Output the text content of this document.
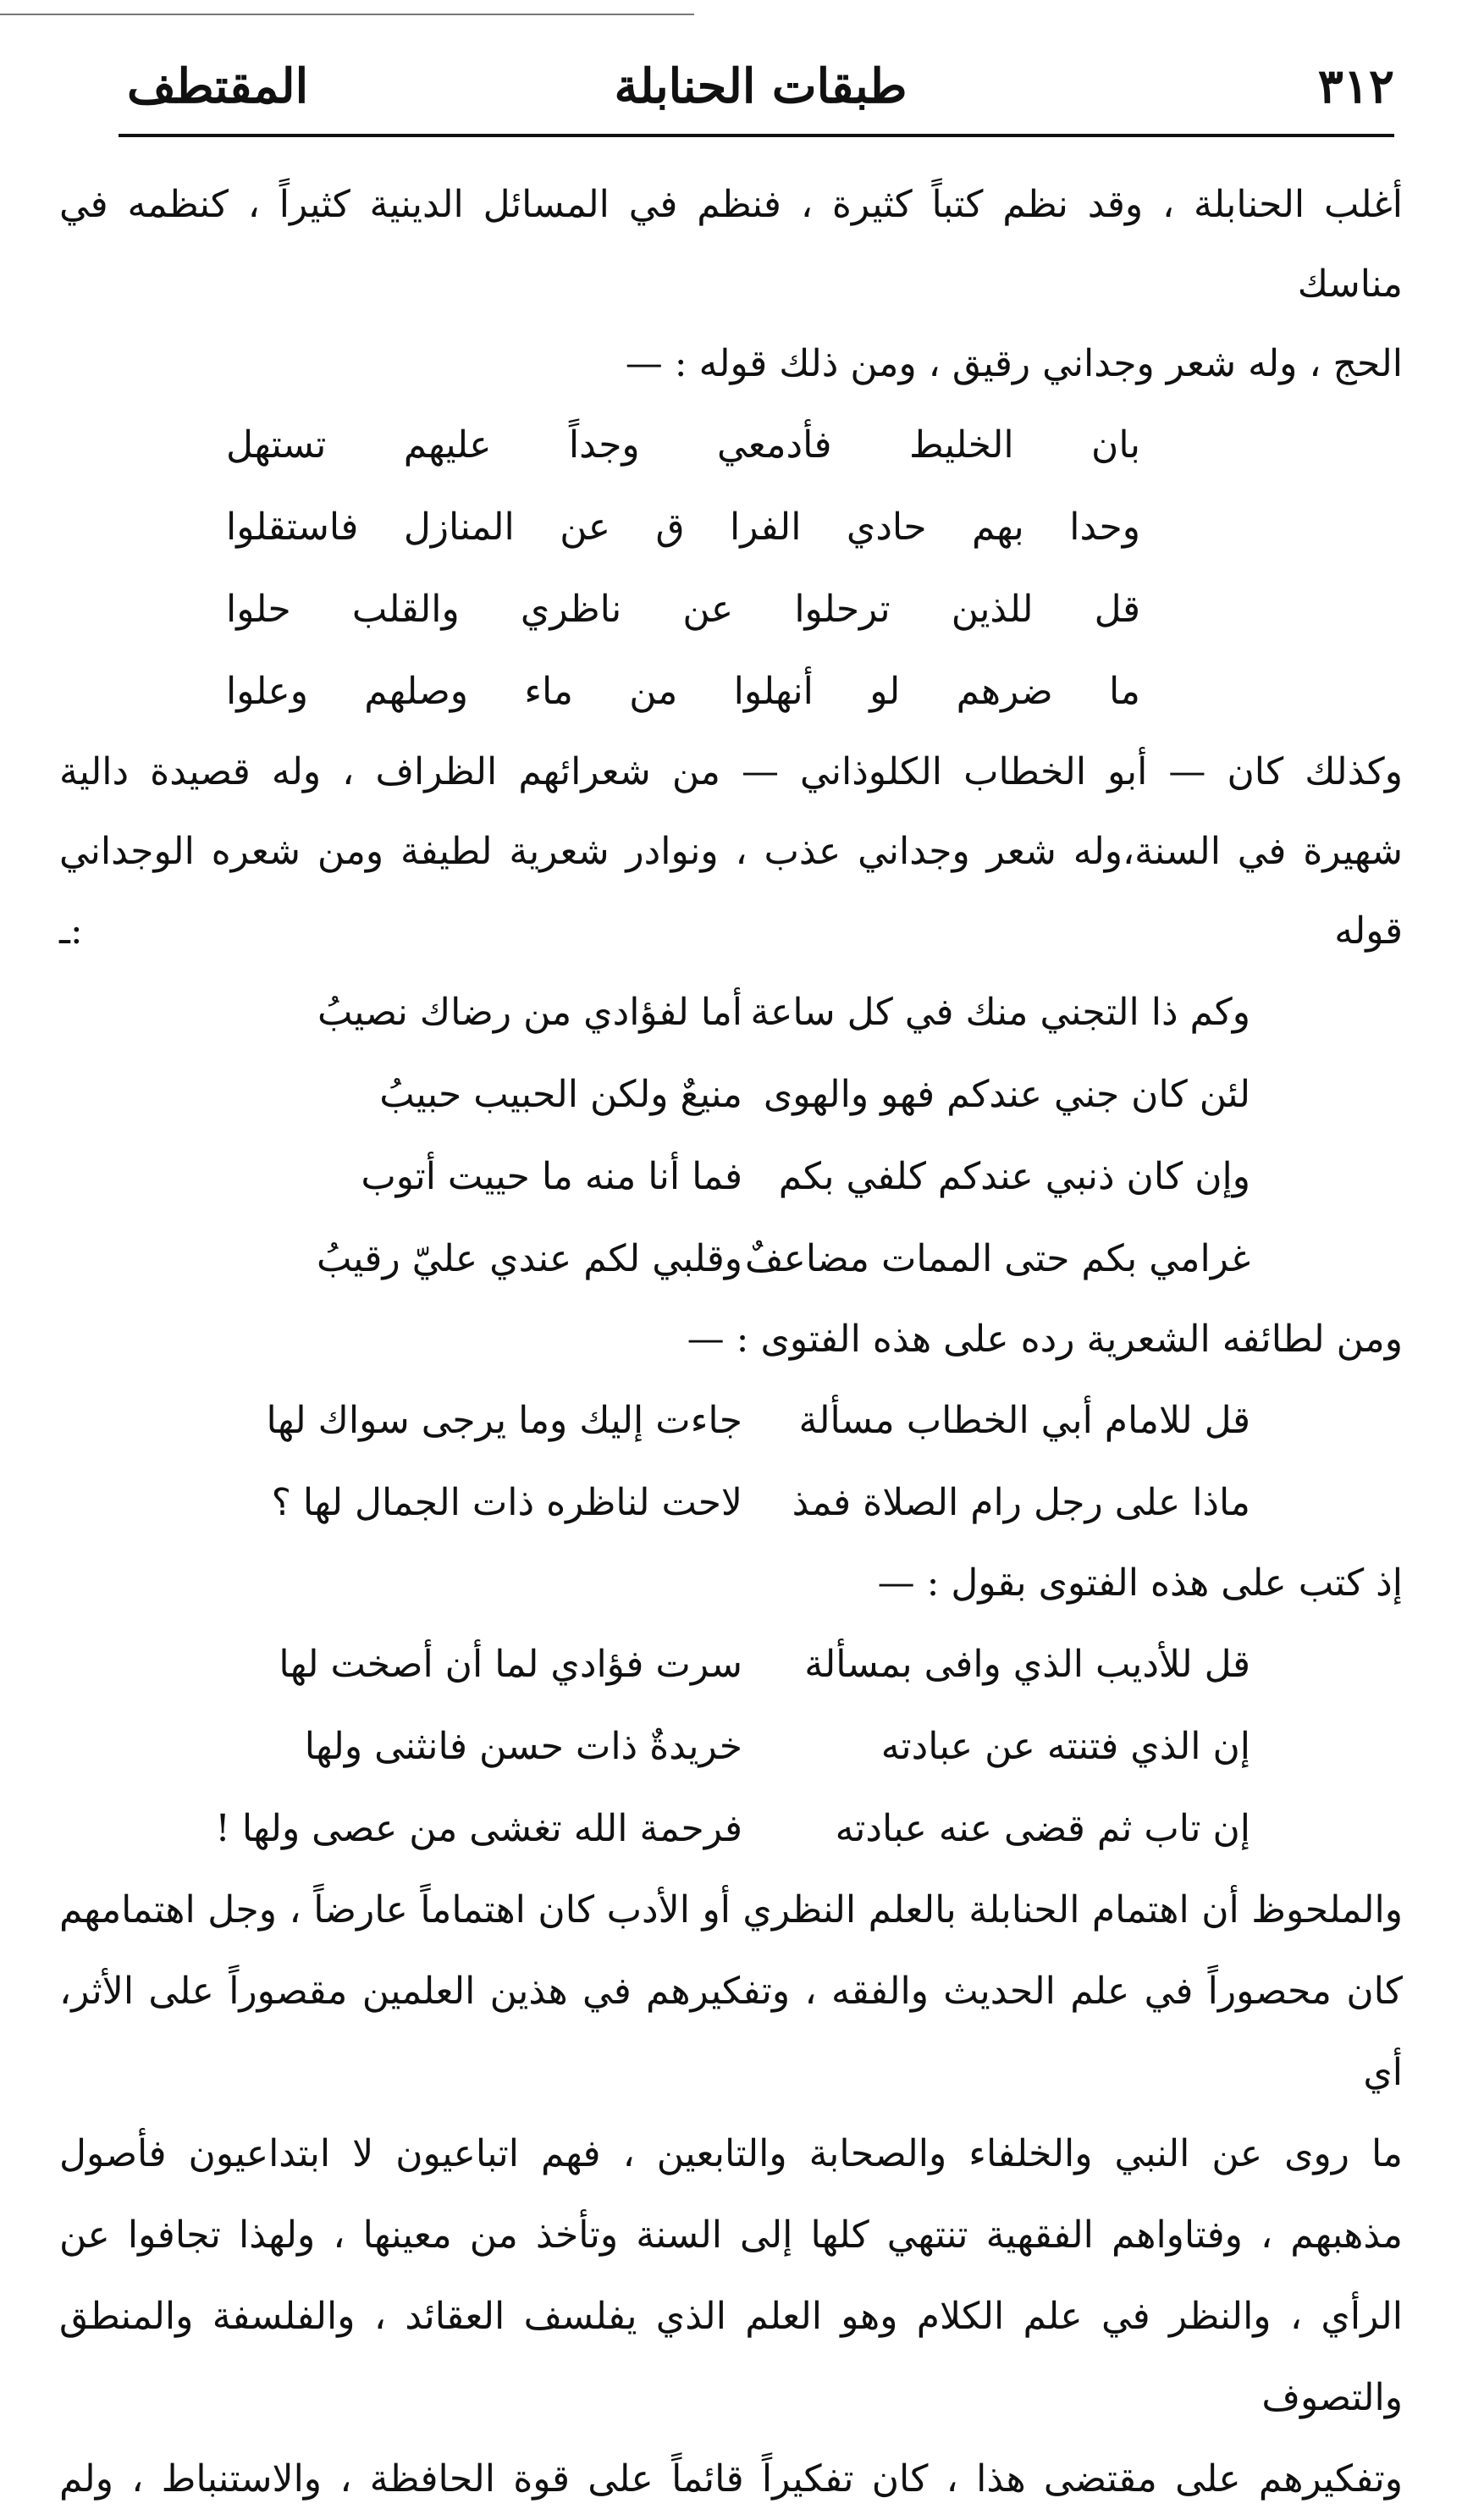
٣١٢
طبقات الحنابلة
المقتطف

أغلب الحنابلة ، وقد نظم كتباً كثيرة ، فنظم في المسائل الدينية كثيراً ، كنظمه في مناسك

الحج ، وله شعر وجداني رقيق ، ومن ذلك قوله : —

بان الخليط فأدمعي وجداً عليهم تستهل
وحدا بهم حادي الفرا ق عن المنازل فاستقلوا
قل للذين ترحلوا عن ناظري والقلب حلوا
ما ضرهم لو أنهلوا من ماء وصلهم وعلوا

وكذلك كان — أبو الخطاب الكلوذاني — من شعرائهم الظراف ، وله قصيدة دالية

شهيرة في السنة،وله شعر وجداني عذب ، ونوادر شعرية لطيفة ومن شعره الوجداني قوله :ـ

وكم ذا التجني منك في كل ساعة
أما لفؤادي من رضاك نصيبُ
لئن كان جني عندكم فهو والهوى
منيعٌ ولكن الحبيب حبيبُ
وإن كان ذنبي عندكم كلفي بكم
فما أنا منه ما حييت أتوب
غرامي بكم حتى الممات مضاعفٌ
وقلبي لكم عندي عليّ رقيبُ

ومن لطائفه الشعرية رده على هذه الفتوى : —

قل للامام أبي الخطاب مسألة
جاءت إليك وما يرجى سواك لها
ماذا على رجل رام الصلاة فمذ
لاحت لناظره ذات الجمال لها ؟

إذ كتب على هذه الفتوى بقول : —

قل للأديب الذي وافى بمسألة
سرت فؤادي لما أن أصخت لها
إن الذي فتنته عن عبادته
خريدةٌ ذات حسن فانثنى ولها
إن تاب ثم قضى عنه عبادته
فرحمة الله تغشى من عصى ولها !

والملحوظ أن اهتمام الحنابلة بالعلم النظري أو الأدب كان اهتماماً عارضاً ، وجل اهتمامهم

كان محصوراً في علم الحديث والفقه ، وتفكيرهم في هذين العلمين مقصوراً على الأثر، أي

ما روى عن النبي والخلفاء والصحابة والتابعين ، فهم اتباعيون لا ابتداعيون فأصول

مذهبهم ، وفتاواهم الفقهية تنتهي كلها إلى السنة وتأخذ من معينها ، ولهذا تجافوا عن

الرأي ، والنظر في علم الكلام وهو العلم الذي يفلسف العقائد ، والفلسفة والمنطق والتصوف

وتفكيرهم على مقتضى هذا ، كان تفكيراً قائماً على قوة الحافظة ، والاستنباط ، ولم
